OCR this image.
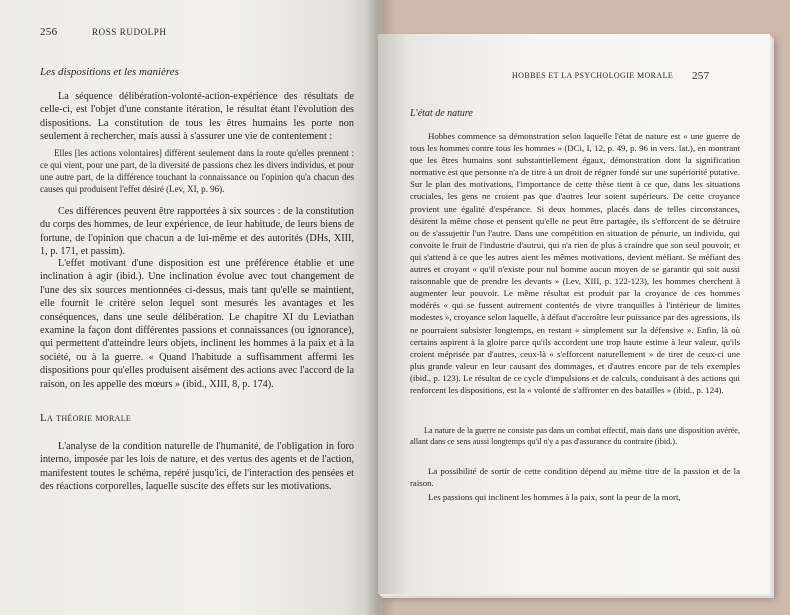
256	ROSS RUDOLPH
Les dispositions et les manières

La séquence délibération-volonté-action-expérience des résultats de celle-ci, est l'objet d'une constante itération, le résultat étant l'évolution des dispositions. La constitution de tous les êtres humains les porte non seulement à rechercher, mais aussi à s'assurer une vie de contentement :

Elles [les actions volontaires] diffèrent seulement dans la route qu'elles prennent : ce qui vient, pour une part, de la diversité de passions chez les divers individus, et pour une autre part, de la différence touchant la connaissance ou l'opinion qu'a chacun des causes qui produisent l'effet désiré (Lev, XI, p. 96).

Ces différences peuvent être rapportées à six sources : de la constitution du corps des hommes, de leur expérience, de leur habitude, de leurs biens de fortune, de l'opinion que chacun a de lui-même et des autorités (DHs, XIII, 1, p. 171, et passim).

L'effet motivant d'une disposition est une préférence établie et une inclination à agir (ibid.). Une inclination évolue avec tout changement de l'une des six sources mentionnées ci-dessus, mais tant qu'elle se maintient, elle fournit le critère selon lequel sont mesurés les avantages et les conséquences, dans une seule délibération. Le chapitre XI du Leviathan examine la façon dont différentes passions et connaissances (ou ignorance), qui permettent d'atteindre leurs objets, inclinent les hommes à la paix et à la société, ou à la guerre. « Quand l'habitude a suffisamment affermi les dispositions pour qu'elles produisent aisément des actions avec l'accord de la raison, on les appelle des mœurs » (ibid., XIII, 8, p. 174).

La théorie morale

L'analyse de la condition naturelle de l'humanité, de l'obligation in foro interno, imposée par les lois de nature, et des vertus des agents et de l'action, manifestent toutes le schéma, repéré jusqu'ici, de l'interaction des pensées et des réactions corporelles, laquelle suscite des effets sur les motivations.

HOBBES ET LA PSYCHOLOGIE MORALE 257
L'état de nature

Hobbes commence sa démonstration selon laquelle l'état de nature est « une guerre de tous les hommes contre tous les hommes » (DCi, I, 12, p. 49, p. 96 in vers. lat.), en montrant que les êtres humains sont substantiellement égaux, démonstration dont la signification normative est que personne n'a de titre à un droit de régner fondé sur une supériorité putative. Sur le plan des motivations, l'importance de cette thèse tient à ce que, dans les situations cruciales, les gens ne croient pas que d'autres leur soient supérieurs. De cette croyance provient une égalité d'espérance. Si deux hommes, placés dans de telles circonstances, désirent la même chose et pensent qu'elle ne peut être partagée, ils s'efforcent de se détruire ou de s'assujettir l'un l'autre. Dans une compétition en situation de pénurie, un individu, qui convoite le fruit de l'industrie d'autrui, qui n'a rien de plus à craindre que son seul pouvoir, et qui s'attend à ce que les autres aient les mêmes motivations, devient méfiant. Se méfiant des autres et croyant « qu'il n'existe pour nul homme aucun moyen de se garantir qui soit aussi raisonnable que de prendre les devants » (Lev, XIII, p. 122-123), les hommes cherchent à augmenter leur pouvoir. Le même résultat est produit par la croyance de ces hommes modérés « qui se fussent autrement contentés de vivre tranquilles à l'intérieur de limites modestes », croyance selon laquelle, à défaut d'accroître leur puissance par des agressions, ils ne pourraient subsister longtemps, en restant « simplement sur la défensive ». Enfin, là où certains aspirent à la gloire parce qu'ils accordent une trop haute estime à leur valeur, qu'ils croient méprisée par d'autres, ceux-là « s'efforcent naturellement » de tirer de ceux-ci une plus grande valeur en leur causant des dommages, et d'autres encore par de tels exemples (ibid., p. 123). Le résultat de ce cycle d'impulsions et de calculs, conduisant à des actions qui renforcent les dispositions, est la « volonté de s'affronter en des batailles » (ibid., p. 124).

La nature de la guerre ne consiste pas dans un combat effectif, mais dans une disposition avérée, allant dans ce sens aussi longtemps qu'il n'y a pas d'assurance du contraire (ibid.).

La possibilité de sortir de cette condition dépend au même titre de la passion et de la raison.

Les passions qui inclinent les hommes à la paix, sont la peur de la mort,
